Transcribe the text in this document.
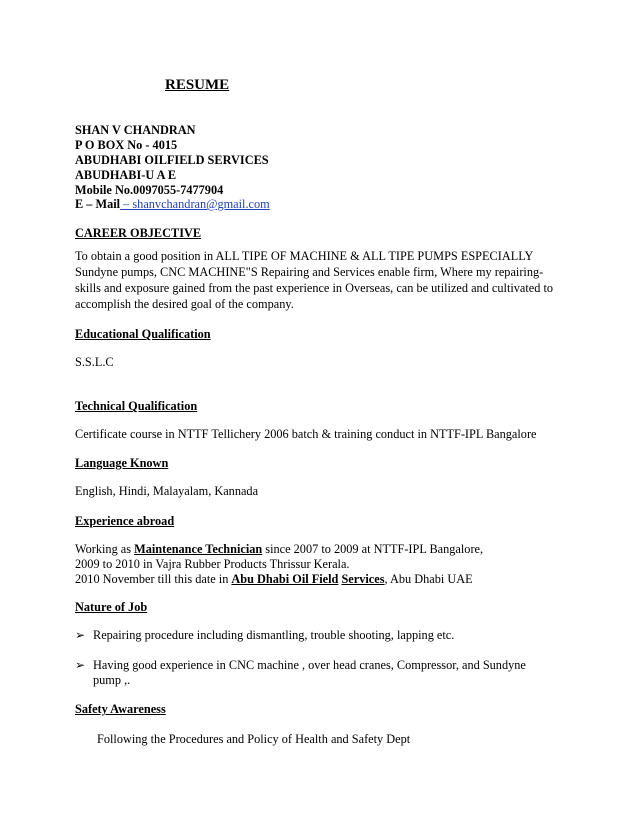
RESUME
SHAN V CHANDRAN
P O BOX No - 4015
ABUDHABI OILFIELD SERVICES
ABUDHABI-U A E
Mobile No.0097055-7477904
E – Mail – shanvchandran@gmail.com
CAREER OBJECTIVE
To obtain a good position in ALL TIPE OF MACHINE & ALL TIPE PUMPS ESPECIALLY
Sundyne pumps, CNC MACHINE"S Repairing and Services enable firm, Where my repairing-
skills and exposure gained from the past experience in Overseas, can be utilized and cultivated to
accomplish the desired goal of the company.
Educational Qualification
S.S.L.C
Technical Qualification
Certificate course in NTTF Tellichery 2006 batch & training conduct in NTTF-IPL Bangalore
Language Known
English, Hindi, Malayalam, Kannada
Experience abroad
Working as Maintenance Technician since 2007 to 2009 at NTTF-IPL Bangalore,
2009 to 2010 in Vajra Rubber Products Thrissur Kerala.
2010 November till this date in Abu Dhabi Oil Field Services, Abu Dhabi UAE
Nature of Job
➢ Repairing procedure including dismantling, trouble shooting, lapping etc.
➢ Having good experience in CNC machine , over head cranes, Compressor, and Sundyne
pump ,.
Safety Awareness
Following the Procedures and Policy of Health and Safety Dept
